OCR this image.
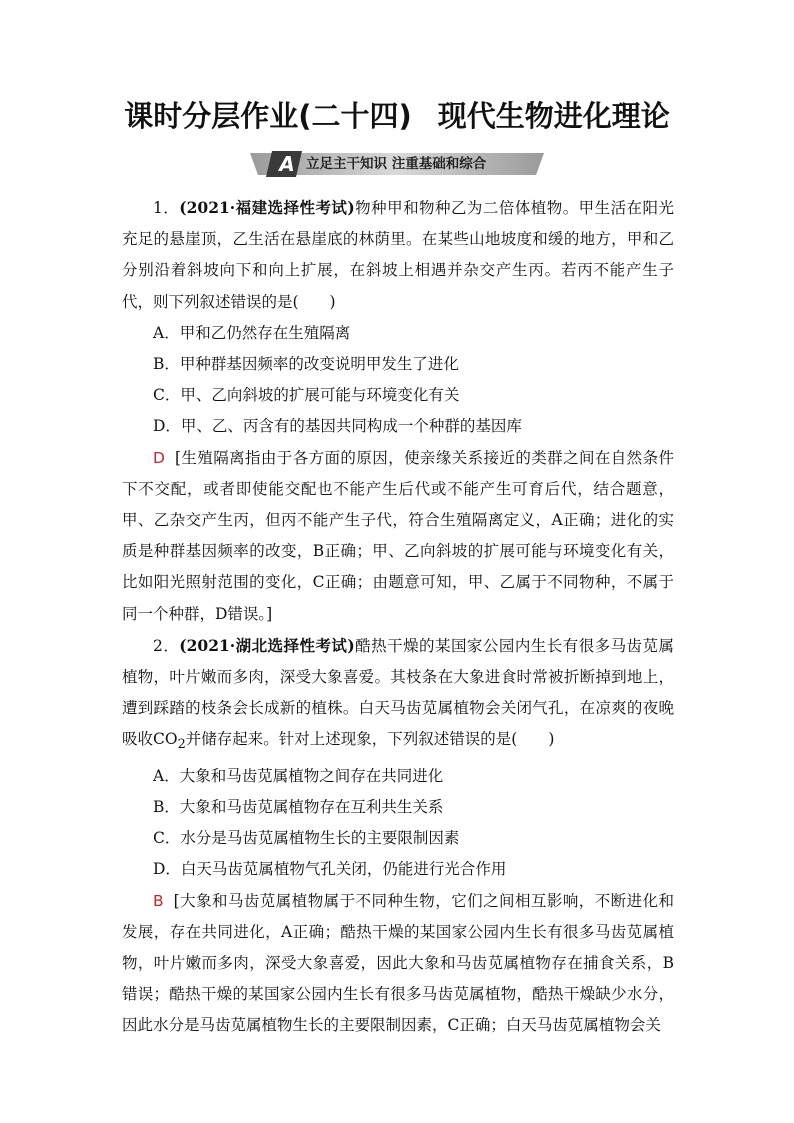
课时分层作业(二十四) 现代生物进化理论
A 立足主干知识 注重基础和综合

1．(2021·福建选择性考试)物种甲和物种乙为二倍体植物。甲生活在阳光充足的悬崖顶，乙生活在悬崖底的林荫里。在某些山地坡度和缓的地方，甲和乙分别沿着斜坡向下和向上扩展，在斜坡上相遇并杂交产生丙。若丙不能产生子代，则下列叙述错误的是(　　)

A．甲和乙仍然存在生殖隔离

B．甲种群基因频率的改变说明甲发生了进化

C．甲、乙向斜坡的扩展可能与环境变化有关

D．甲、乙、丙含有的基因共同构成一个种群的基因库

D [生殖隔离指由于各方面的原因，使亲缘关系接近的类群之间在自然条件下不交配，或者即使能交配也不能产生后代或不能产生可育后代，结合题意，甲、乙杂交产生丙，但丙不能产生子代，符合生殖隔离定义，A正确；进化的实质是种群基因频率的改变，B正确；甲、乙向斜坡的扩展可能与环境变化有关，比如阳光照射范围的变化，C正确；由题意可知，甲、乙属于不同物种，不属于同一个种群，D错误。]

2．(2021·湖北选择性考试)酷热干燥的某国家公园内生长有很多马齿苋属植物，叶片嫩而多肉，深受大象喜爱。其枝条在大象进食时常被折断掉到地上，遭到踩踏的枝条会长成新的植株。白天马齿苋属植物会关闭气孔，在凉爽的夜晚吸收$CO_2$并储存起来。针对上述现象，下列叙述错误的是(　　)

A．大象和马齿苋属植物之间存在共同进化

B．大象和马齿苋属植物存在互利共生关系

C．水分是马齿苋属植物生长的主要限制因素

D．白天马齿苋属植物气孔关闭，仍能进行光合作用

B [大象和马齿苋属植物属于不同种生物，它们之间相互影响，不断进化和发展，存在共同进化，A正确；酷热干燥的某国家公园内生长有很多马齿苋属植物，叶片嫩而多肉，深受大象喜爱，因此大象和马齿苋属植物存在捕食关系，B错误；酷热干燥的某国家公园内生长有很多马齿苋属植物，酷热干燥缺少水分，因此水分是马齿苋属植物生长的主要限制因素，C正确；白天马齿苋属植物会关
